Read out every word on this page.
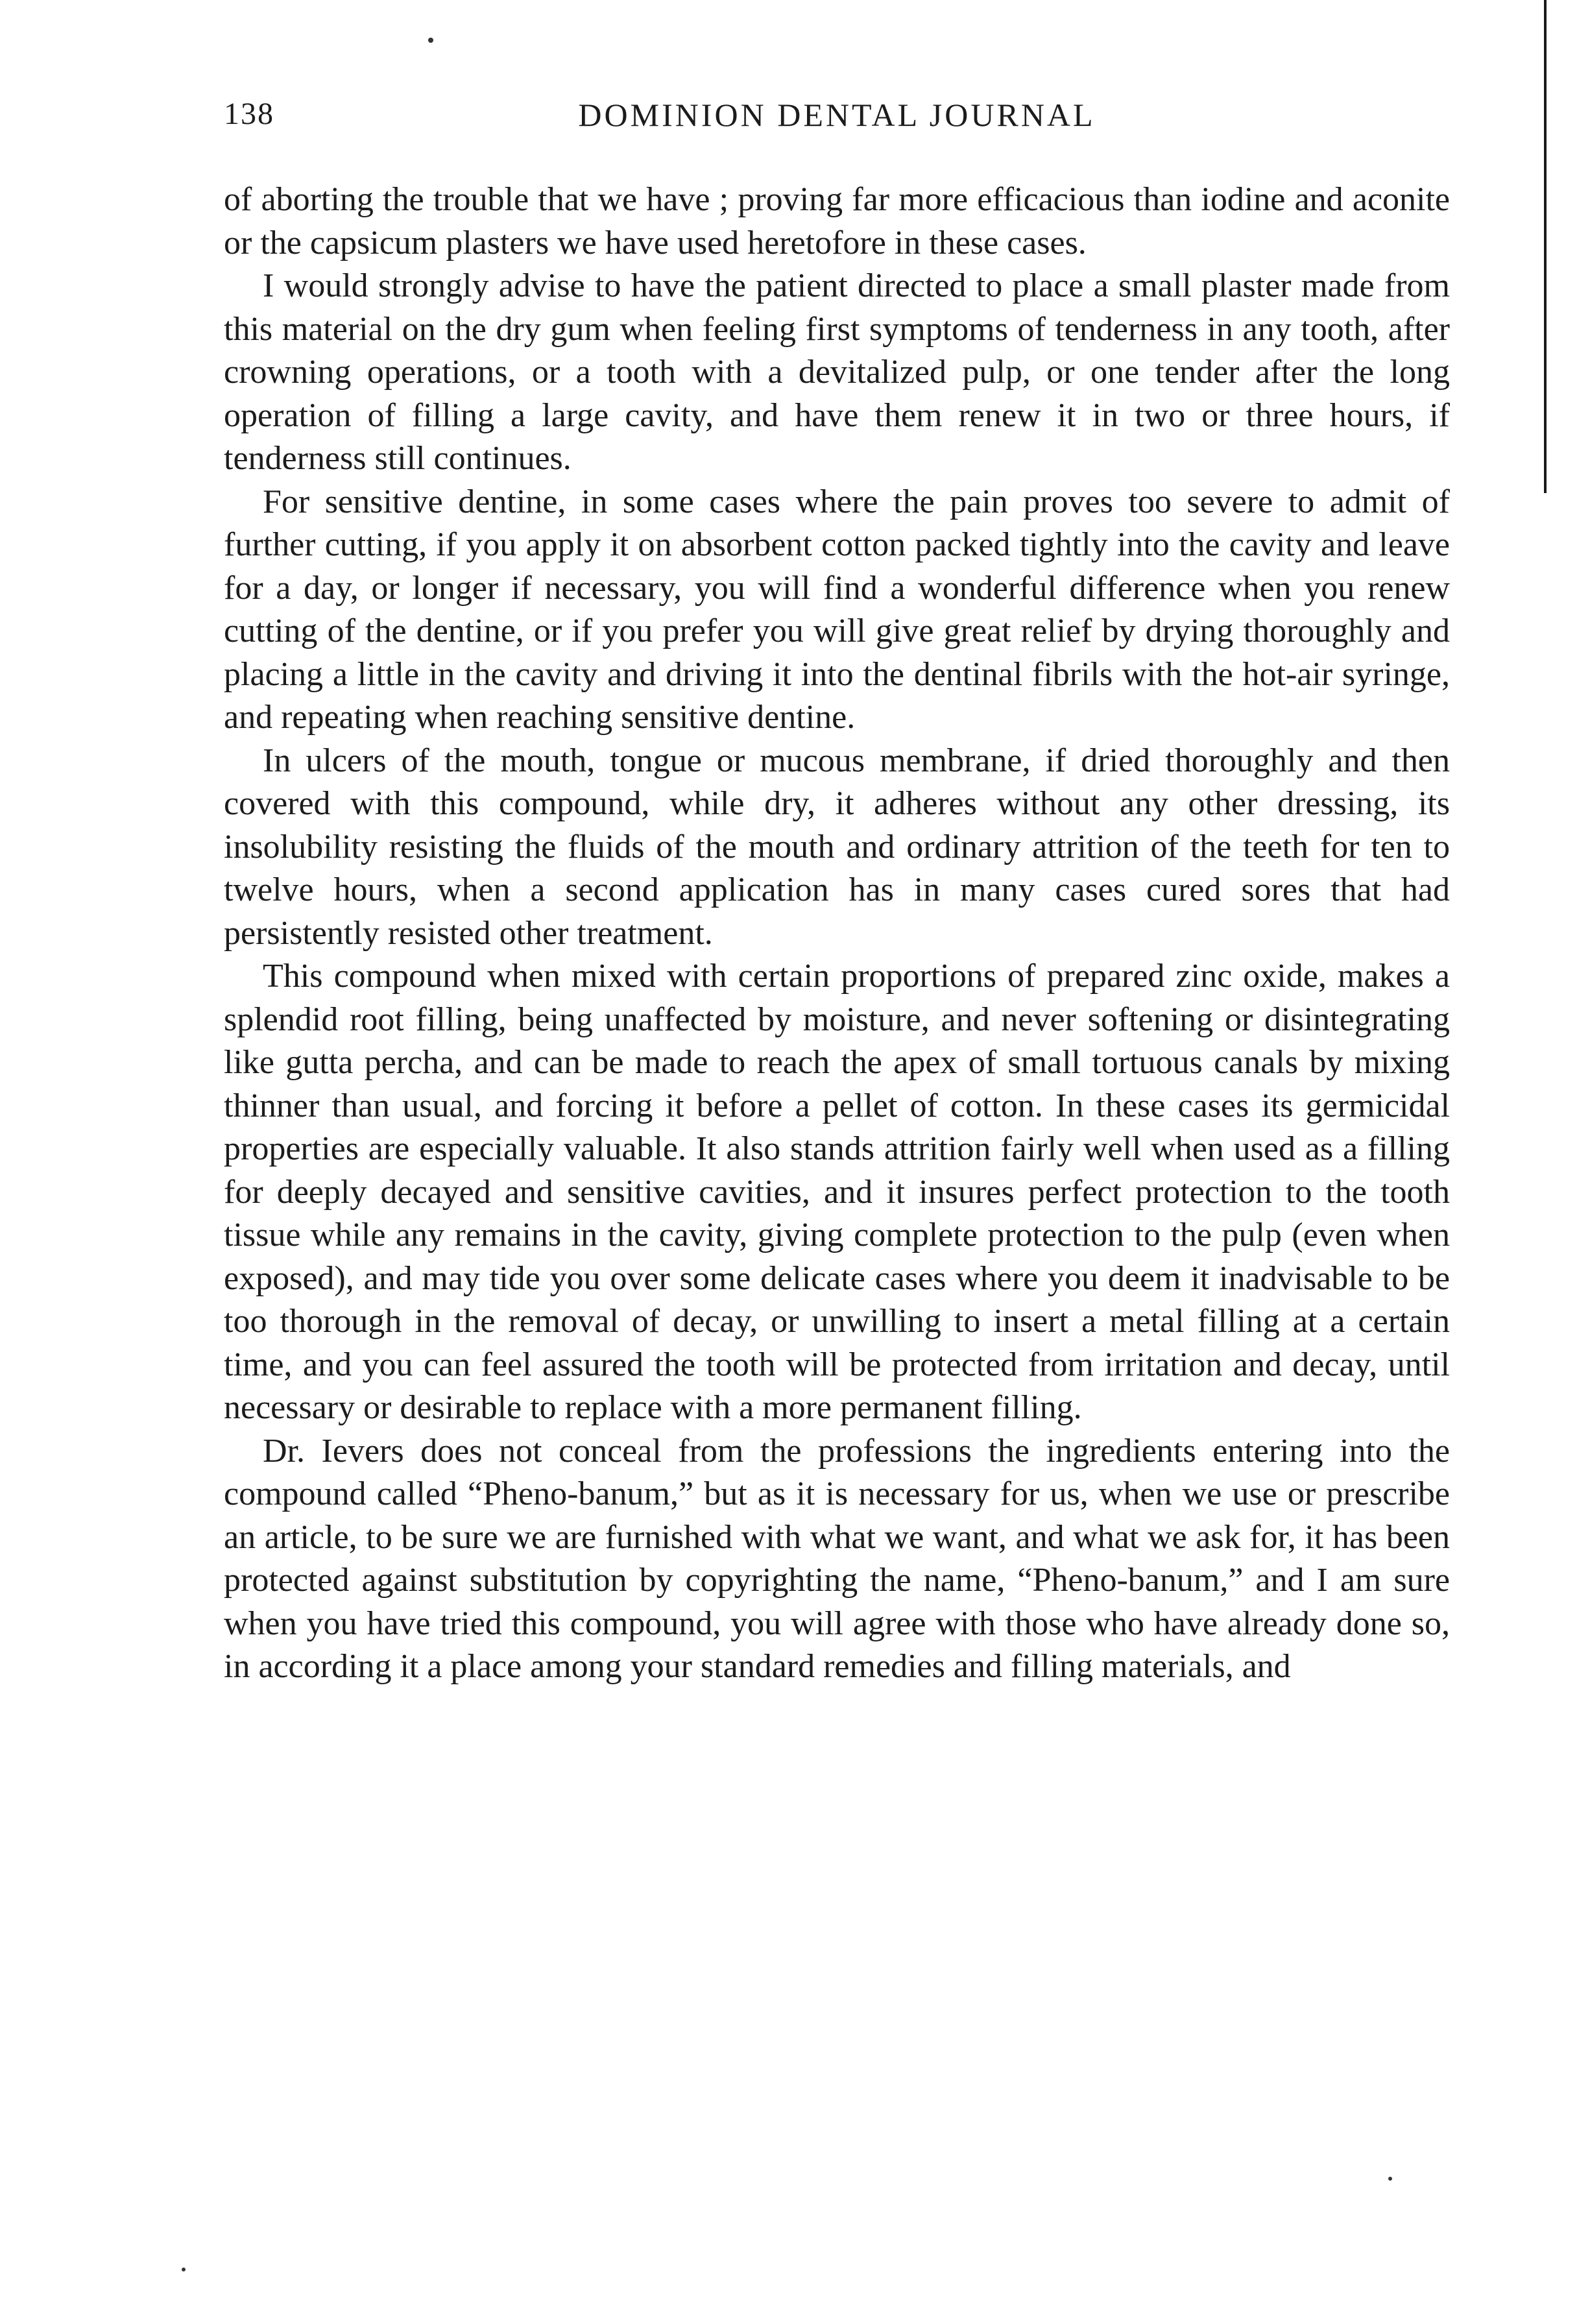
138	DOMINION DENTAL JOURNAL

of aborting the trouble that we have ; proving far more efficacious than iodine and aconite or the capsicum plasters we have used heretofore in these cases.

I would strongly advise to have the patient directed to place a small plaster made from this material on the dry gum when feeling first symptoms of tenderness in any tooth, after crowning operations, or a tooth with a devitalized pulp, or one tender after the long operation of filling a large cavity, and have them renew it in two or three hours, if tenderness still continues.

For sensitive dentine, in some cases where the pain proves too severe to admit of further cutting, if you apply it on absorbent cotton packed tightly into the cavity and leave for a day, or longer if necessary, you will find a wonderful difference when you renew cutting of the dentine, or if you prefer you will give great relief by drying thoroughly and placing a little in the cavity and driving it into the dentinal fibrils with the hot-air syringe, and repeating when reaching sensitive dentine.

In ulcers of the mouth, tongue or mucous membrane, if dried thoroughly and then covered with this compound, while dry, it adheres without any other dressing, its insolubility resisting the fluids of the mouth and ordinary attrition of the teeth for ten to twelve hours, when a second application has in many cases cured sores that had persistently resisted other treatment.

This compound when mixed with certain proportions of prepared zinc oxide, makes a splendid root filling, being unaffected by moisture, and never softening or disintegrating like gutta percha, and can be made to reach the apex of small tortuous canals by mixing thinner than usual, and forcing it before a pellet of cotton. In these cases its germicidal properties are especially valuable. It also stands attrition fairly well when used as a filling for deeply decayed and sensitive cavities, and it insures perfect protection to the tooth tissue while any remains in the cavity, giving complete protection to the pulp (even when exposed), and may tide you over some delicate cases where you deem it inadvisable to be too thorough in the removal of decay, or unwilling to insert a metal filling at a certain time, and you can feel assured the tooth will be protected from irritation and decay, until necessary or desirable to replace with a more permanent filling.

Dr. Ievers does not conceal from the professions the ingredients entering into the compound called “Pheno-banum,” but as it is necessary for us, when we use or prescribe an article, to be sure we are furnished with what we want, and what we ask for, it has been protected against substitution by copyrighting the name, “Pheno-banum,” and I am sure when you have tried this compound, you will agree with those who have already done so, in according it a place among your standard remedies and filling materials, and
